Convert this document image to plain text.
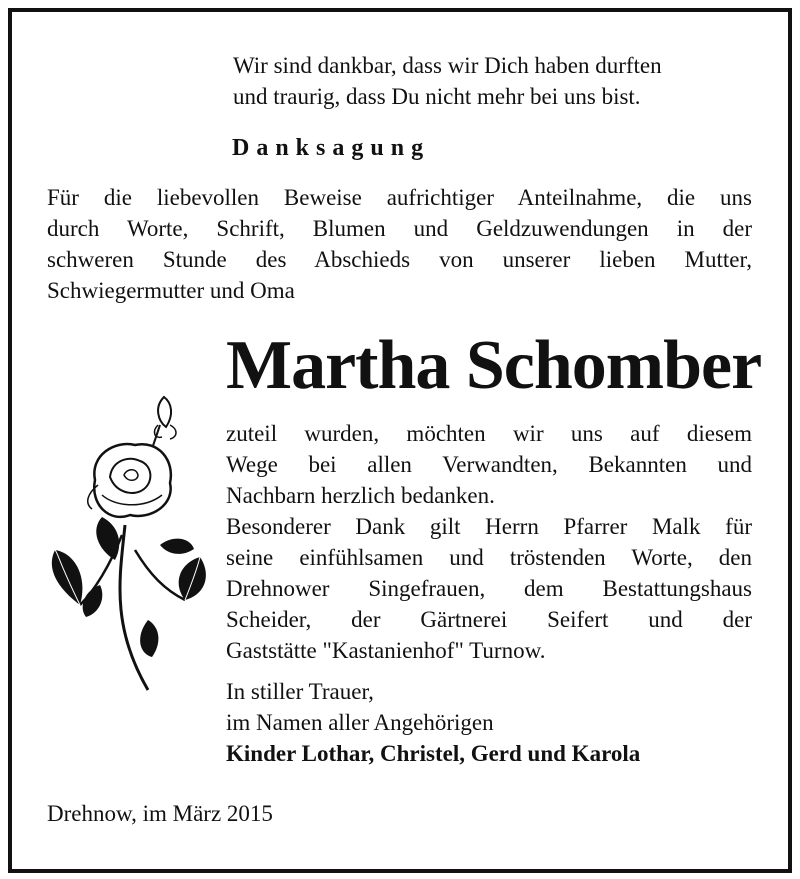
Wir sind dankbar, dass wir Dich haben durften
und traurig, dass Du nicht mehr bei uns bist.
Danksagung
Für die liebevollen Beweise aufrichtiger Anteilnahme, die uns
durch Worte, Schrift, Blumen und Geldzuwendungen in der
schweren Stunde des Abschieds von unserer lieben Mutter,
Schwiegermutter und Oma
Martha Schomber
zuteil wurden, möchten wir uns auf diesem
Wege bei allen Verwandten, Bekannten und
Nachbarn herzlich bedanken.
Besonderer Dank gilt Herrn Pfarrer Malk für
seine einfühlsamen und tröstenden Worte, den
Drehnower Singefrauen, dem Bestattungshaus
Scheider, der Gärtnerei Seifert und der
Gaststätte "Kastanienhof" Turnow.
In stiller Trauer,
im Namen aller Angehörigen
Kinder Lothar, Christel, Gerd und Karola
Drehnow, im März 2015
